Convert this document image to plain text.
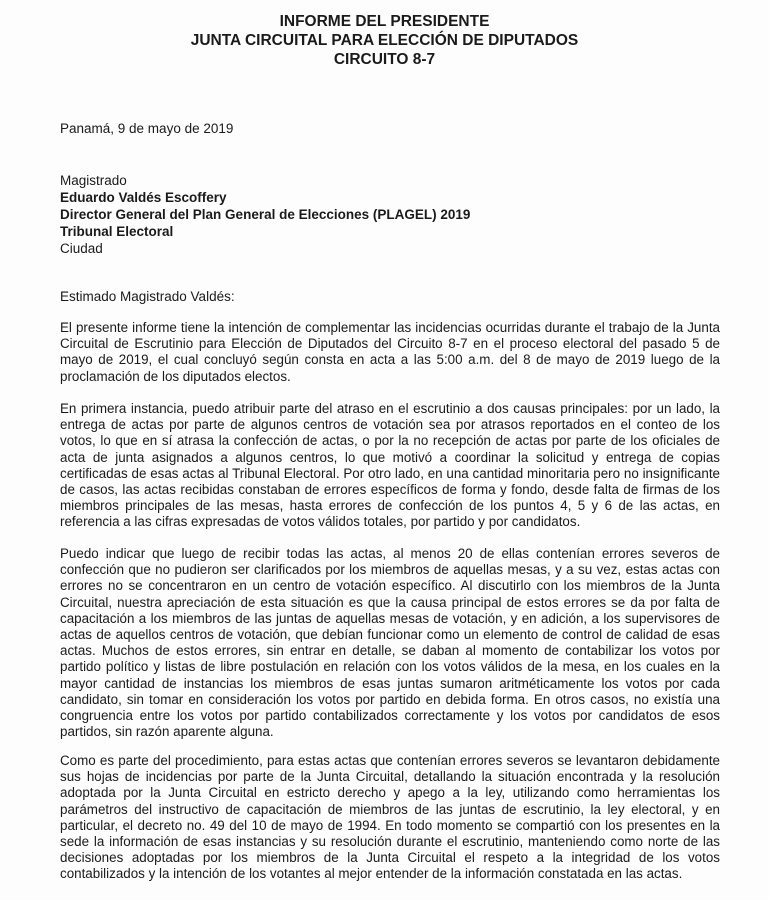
INFORME DEL PRESIDENTE
JUNTA CIRCUITAL PARA ELECCIÓN DE DIPUTADOS
CIRCUITO 8-7
Panamá, 9 de mayo de 2019
Magistrado
Eduardo Valdés Escoffery
Director General del Plan General de Elecciones (PLAGEL) 2019
Tribunal Electoral
Ciudad
Estimado Magistrado Valdés:

El presente informe tiene la intención de complementar las incidencias ocurridas durante el trabajo de la Junta Circuital de Escrutinio para Elección de Diputados del Circuito 8-7 en el proceso electoral del pasado 5 de mayo de 2019, el cual concluyó según consta en acta a las 5:00 a.m. del 8 de mayo de 2019 luego de la proclamación de los diputados electos.

En primera instancia, puedo atribuir parte del atraso en el escrutinio a dos causas principales: por un lado, la entrega de actas por parte de algunos centros de votación sea por atrasos reportados en el conteo de los votos, lo que en sí atrasa la confección de actas, o por la no recepción de actas por parte de los oficiales de acta de junta asignados a algunos centros, lo que motivó a coordinar la solicitud y entrega de copias certificadas de esas actas al Tribunal Electoral. Por otro lado, en una cantidad minoritaria pero no insignificante de casos, las actas recibidas constaban de errores específicos de forma y fondo, desde falta de firmas de los miembros principales de las mesas, hasta errores de confección de los puntos 4, 5 y 6 de las actas, en referencia a las cifras expresadas de votos válidos totales, por partido y por candidatos.

Puedo indicar que luego de recibir todas las actas, al menos 20 de ellas contenían errores severos de confección que no pudieron ser clarificados por los miembros de aquellas mesas, y a su vez, estas actas con errores no se concentraron en un centro de votación específico. Al discutirlo con los miembros de la Junta Circuital, nuestra apreciación de esta situación es que la causa principal de estos errores se da por falta de capacitación a los miembros de las juntas de aquellas mesas de votación, y en adición, a los supervisores de actas de aquellos centros de votación, que debían funcionar como un elemento de control de calidad de esas actas. Muchos de estos errores, sin entrar en detalle, se daban al momento de contabilizar los votos por partido político y listas de libre postulación en relación con los votos válidos de la mesa, en los cuales en la mayor cantidad de instancias los miembros de esas juntas sumaron aritméticamente los votos por cada candidato, sin tomar en consideración los votos por partido en debida forma. En otros casos, no existía una congruencia entre los votos por partido contabilizados correctamente y los votos por candidatos de esos partidos, sin razón aparente alguna.

Como es parte del procedimiento, para estas actas que contenían errores severos se levantaron debidamente sus hojas de incidencias por parte de la Junta Circuital, detallando la situación encontrada y la resolución adoptada por la Junta Circuital en estricto derecho y apego a la ley, utilizando como herramientas los parámetros del instructivo de capacitación de miembros de las juntas de escrutinio, la ley electoral, y en particular, el decreto no. 49 del 10 de mayo de 1994. En todo momento se compartió con los presentes en la sede la información de esas instancias y su resolución durante el escrutinio, manteniendo como norte de las decisiones adoptadas por los miembros de la Junta Circuital el respeto a la integridad de los votos contabilizados y la intención de los votantes al mejor entender de la información constatada en las actas.
